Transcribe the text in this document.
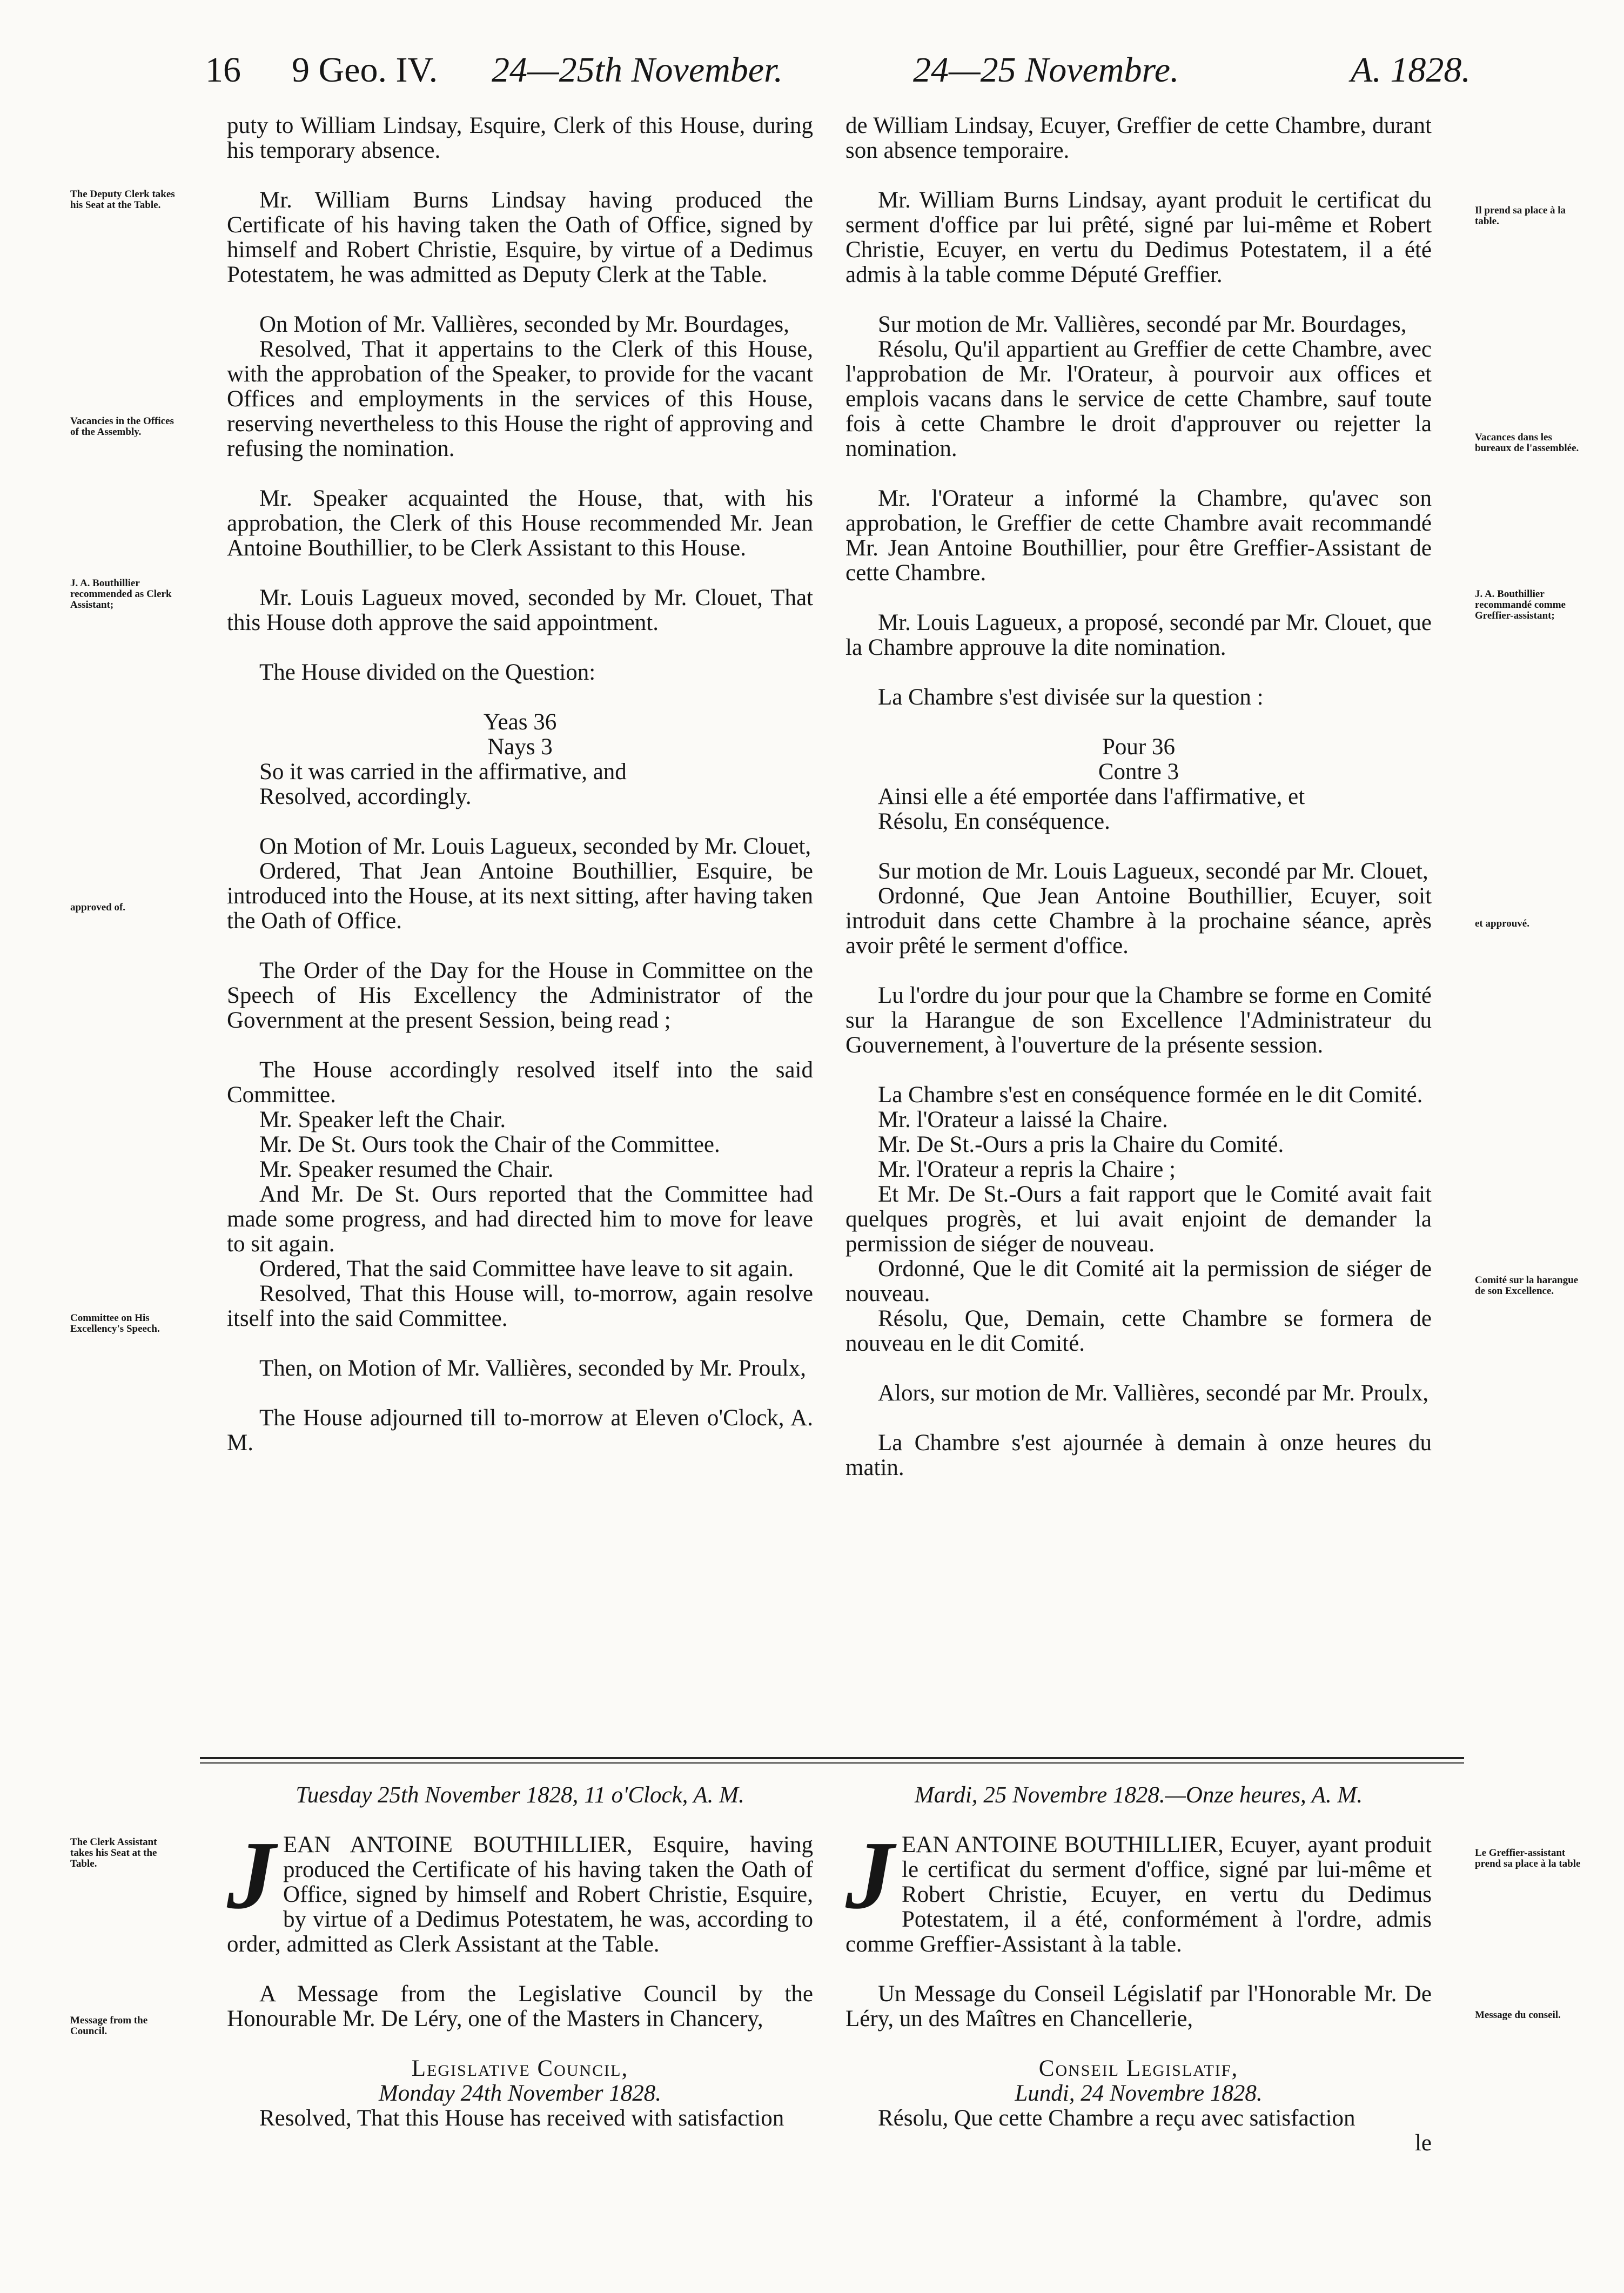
16 9 Geo. IV. 24—25th November.	24—25 Novembre.	A. 1828.
The Deputy Clerk takes his Seat at the Table.
Vacancies in the Offices of the Assembly.
J. A. Bouthillier recommended as Clerk Assistant;
approved of.
Committee on His Excellency's Speech.
The Clerk Assistant takes his Seat at the Table.
Message from the Council.
Il prend sa place à la table.
Vacances dans les bureaux de l'assemblée.
J. A. Bouthillier recommandé comme Greffier-assistant;
et approuvé.
Comité sur la harangue de son Excellence.
Le Greffier-assistant prend sa place à la table
Message du conseil.

puty to William Lindsay, Esquire, Clerk of this House, during his temporary absence.

Mr. William Burns Lindsay having produced the Certificate of his having taken the Oath of Office, signed by himself and Robert Christie, Esquire, by virtue of a Dedimus Potestatem, he was admitted as Deputy Clerk at the Table.

On Motion of Mr. Vallières, seconded by Mr. Bourdages,

Resolved, That it appertains to the Clerk of this House, with the approbation of the Speaker, to provide for the vacant Offices and employments in the services of this House, reserving nevertheless to this House the right of approving and refusing the nomination.

Mr. Speaker acquainted the House, that, with his approbation, the Clerk of this House recommended Mr. Jean Antoine Bouthillier, to be Clerk Assistant to this House.

Mr. Louis Lagueux moved, seconded by Mr. Clouet, That this House doth approve the said appointment.

The House divided on the Question:

Yeas 36

Nays 3

So it was carried in the affirmative, and

Resolved, accordingly.

On Motion of Mr. Louis Lagueux, seconded by Mr. Clouet,

Ordered, That Jean Antoine Bouthillier, Esquire, be introduced into the House, at its next sitting, after having taken the Oath of Office.

The Order of the Day for the House in Committee on the Speech of His Excellency the Administrator of the Government at the present Session, being read ;

The House accordingly resolved itself into the said Committee.

Mr. Speaker left the Chair.

Mr. De St. Ours took the Chair of the Committee.

Mr. Speaker resumed the Chair.

And Mr. De St. Ours reported that the Committee had made some progress, and had directed him to move for leave to sit again.

Ordered, That the said Committee have leave to sit again.

Resolved, That this House will, to-morrow, again resolve itself into the said Committee.

Then, on Motion of Mr. Vallières, seconded by Mr. Proulx,

The House adjourned till to-morrow at Eleven o'Clock, A. M.

de William Lindsay, Ecuyer, Greffier de cette Chambre, durant son absence temporaire.

Mr. William Burns Lindsay, ayant produit le certificat du serment d'office par lui prêté, signé par lui-même et Robert Christie, Ecuyer, en vertu du Dedimus Potestatem, il a été admis à la table comme Député Greffier.

Sur motion de Mr. Vallières, secondé par Mr. Bourdages,

Résolu, Qu'il appartient au Greffier de cette Chambre, avec l'approbation de Mr. l'Orateur, à pourvoir aux offices et emplois vacans dans le service de cette Chambre, sauf toute fois à cette Chambre le droit d'approuver ou rejetter la nomination.

Mr. l'Orateur a informé la Chambre, qu'avec son approbation, le Greffier de cette Chambre avait recommandé Mr. Jean Antoine Bouthillier, pour être Greffier-Assistant de cette Chambre.

Mr. Louis Lagueux, a proposé, secondé par Mr. Clouet, que la Chambre approuve la dite nomination.

La Chambre s'est divisée sur la question :

Pour 36

Contre 3

Ainsi elle a été emportée dans l'affirmative, et

Résolu, En conséquence.

Sur motion de Mr. Louis Lagueux, secondé par Mr. Clouet,

Ordonné, Que Jean Antoine Bouthillier, Ecuyer, soit introduit dans cette Chambre à la prochaine séance, après avoir prêté le serment d'office.

Lu l'ordre du jour pour que la Chambre se forme en Comité sur la Harangue de son Excellence l'Administrateur du Gouvernement, à l'ouverture de la présente session.

La Chambre s'est en conséquence formée en le dit Comité.

Mr. l'Orateur a laissé la Chaire.

Mr. De St.-Ours a pris la Chaire du Comité.

Mr. l'Orateur a repris la Chaire ;

Et Mr. De St.-Ours a fait rapport que le Comité avait fait quelques progrès, et lui avait enjoint de demander la permission de siéger de nouveau.

Ordonné, Que le dit Comité ait la permission de siéger de nouveau.

Résolu, Que, Demain, cette Chambre se formera de nouveau en le dit Comité.

Alors, sur motion de Mr. Vallières, secondé par Mr. Proulx,

La Chambre s'est ajournée à demain à onze heures du matin.

Tuesday 25th November 1828, 11 o'Clock, A. M.

JEAN ANTOINE BOUTHILLIER, Esquire, having produced the Certificate of his having taken the Oath of Office, signed by himself and Robert Christie, Esquire, by virtue of a Dedimus Potestatem, he was, according to order, admitted as Clerk Assistant at the Table.

A Message from the Legislative Council by the Honourable Mr. De Léry, one of the Masters in Chancery,

Legislative Council,

Monday 24th November 1828.

Resolved, That this House has received with satisfaction

Mardi, 25 Novembre 1828.—Onze heures, A. M.

JEAN ANTOINE BOUTHILLIER, Ecuyer, ayant produit le certificat du serment d'office, signé par lui-même et Robert Christie, Ecuyer, en vertu du Dedimus Potestatem, il a été, conformément à l'ordre, admis comme Greffier-Assistant à la table.

Un Message du Conseil Législatif par l'Honorable Mr. De Léry, un des Maîtres en Chancellerie,

Conseil Legislatif,

Lundi, 24 Novembre 1828.

Résolu, Que cette Chambre a reçu avec satisfaction

le
